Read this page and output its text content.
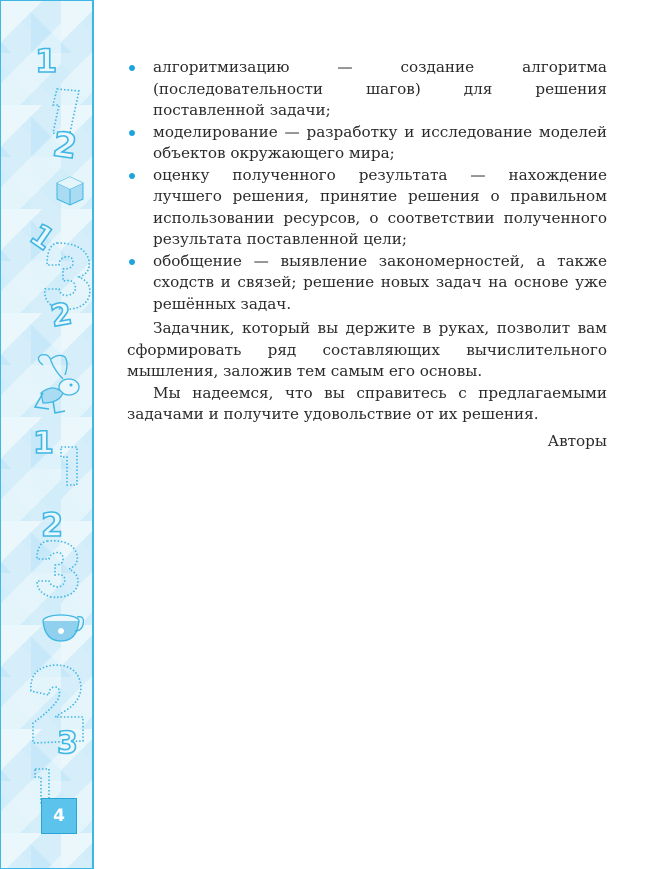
1
2
1
2
1
2
3
4
алгоритмизацию — создание алгоритма (последовательности шагов) для решения поставленной задачи;
моделирование — разработку и исследование моделей объектов окружающего мира;
оценку полученного результата — нахождение лучшего решения, принятие решения о правильном использовании ресурсов, о соответствии полученного результата поставленной цели;
обобщение — выявление закономерностей, а также сходств и связей; решение новых задач на основе уже решённых задач.

Задачник, который вы держите в руках, позволит вам сформировать ряд составляющих вычислительного мышления, заложив тем самым его основы.

Мы надеемся, что вы справитесь с предлагаемыми задачами и получите удовольствие от их решения.

Авторы
